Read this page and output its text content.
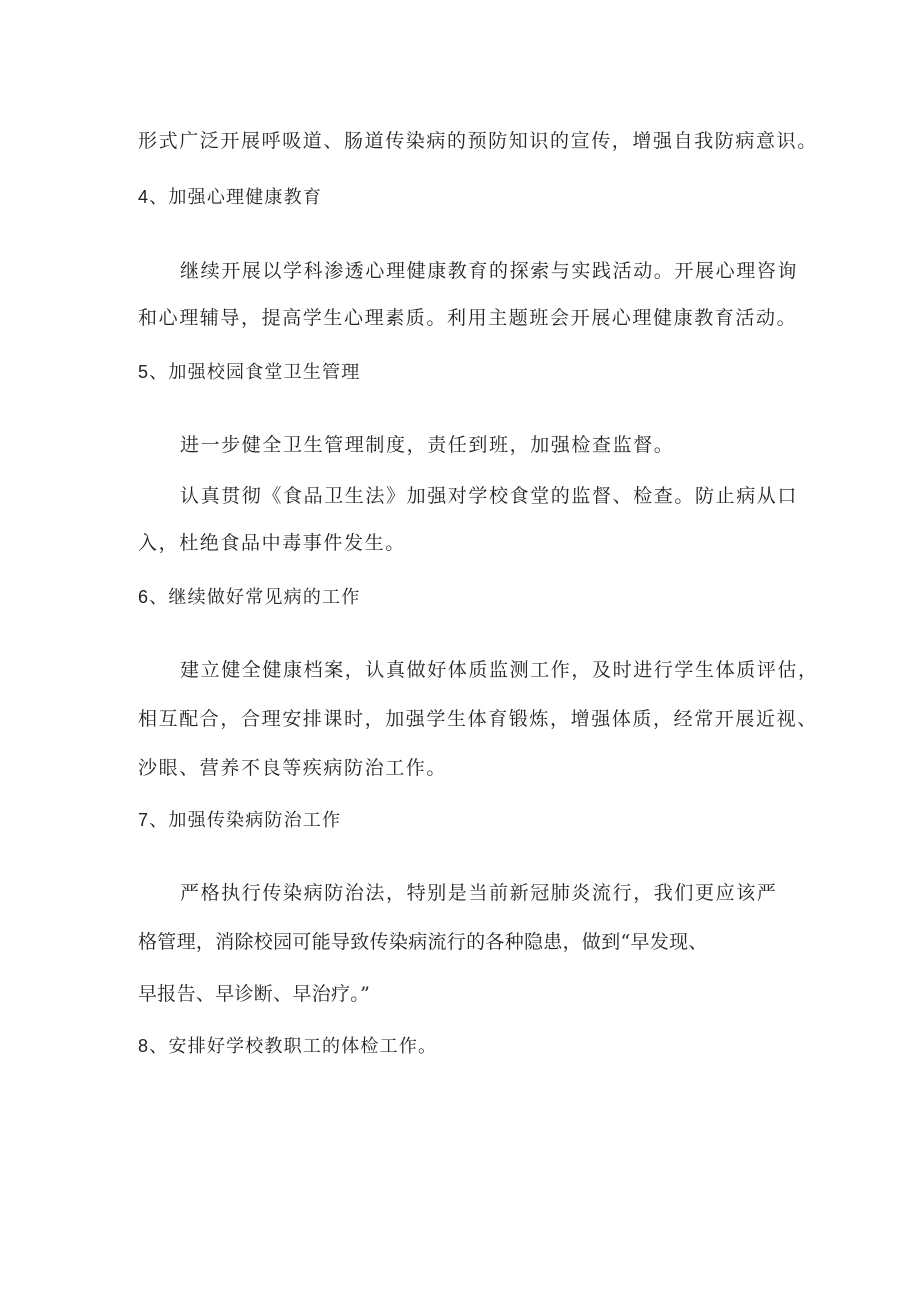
形式广泛开展呼吸道、肠道传染病的预防知识的宣传，增强自我防病意识。
4、加强心理健康教育
继续开展以学科渗透心理健康教育的探索与实践活动。开展心理咨询
和心理辅导，提高学生心理素质。利用主题班会开展心理健康教育活动。
5、加强校园食堂卫生管理
进一步健全卫生管理制度，责任到班，加强检查监督。
认真贯彻《食品卫生法》加强对学校食堂的监督、检查。防止病从口
入，杜绝食品中毒事件发生。
6、继续做好常见病的工作
建立健全健康档案，认真做好体质监测工作，及时进行学生体质评估，
相互配合，合理安排课时，加强学生体育锻炼，增强体质，经常开展近视、
沙眼、营养不良等疾病防治工作。
7、加强传染病防治工作
严格执行传染病防治法，特别是当前新冠肺炎流行，我们更应该严
格管理，消除校园可能导致传染病流行的各种隐患，做到“早发现、
早报告、早诊断、早治疗。”
8、安排好学校教职工的体检工作。
